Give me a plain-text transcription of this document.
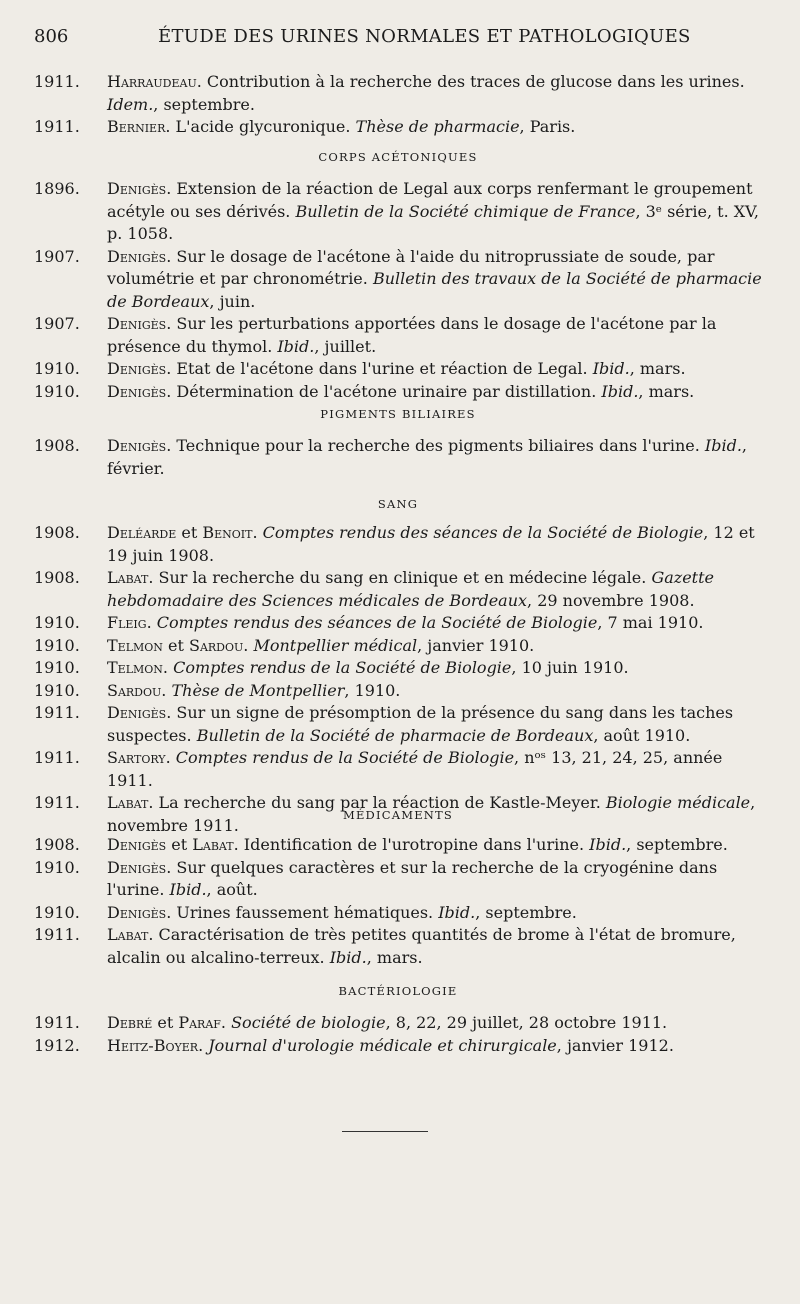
806	ÉTUDE DES URINES NORMALES ET PATHOLOGIQUES

1911. Harraudeau. Contribution à la recherche des traces de glucose dans les urines. Idem., septembre.

1911. Bernier. L'acide glycuronique. Thèse de pharmacie, Paris.

CORPS ACÉTONIQUES

1896. Denigès. Extension de la réaction de Legal aux corps renfermant le groupement acétyle ou ses dérivés. Bulletin de la Société chimique de France, 3ᵉ série, t. XV, p. 1058.

1907. Denigès. Sur le dosage de l'acétone à l'aide du nitroprussiate de soude, par volumétrie et par chronométrie. Bulletin des travaux de la Société de pharmacie de Bordeaux, juin.

1907. Denigès. Sur les perturbations apportées dans le dosage de l'acétone par la présence du thymol. Ibid., juillet.

1910. Denigès. Etat de l'acétone dans l'urine et réaction de Legal. Ibid., mars.

1910. Denigès. Détermination de l'acétone urinaire par distillation. Ibid., mars.

PIGMENTS BILIAIRES

1908. Denigès. Technique pour la recherche des pigments biliaires dans l'urine. Ibid., février.

SANG

1908. Deléarde et Benoit. Comptes rendus des séances de la Société de Biologie, 12 et 19 juin 1908.

1908. Labat. Sur la recherche du sang en clinique et en médecine légale. Gazette hebdomadaire des Sciences médicales de Bordeaux, 29 novembre 1908.

1910. Fleig. Comptes rendus des séances de la Société de Biologie, 7 mai 1910.

1910. Telmon et Sardou. Montpellier médical, janvier 1910.

1910. Telmon. Comptes rendus de la Société de Biologie, 10 juin 1910.

1910. Sardou. Thèse de Montpellier, 1910.

1911. Denigès. Sur un signe de présomption de la présence du sang dans les taches suspectes. Bulletin de la Société de pharmacie de Bordeaux, août 1910.

1911. Sartory. Comptes rendus de la Société de Biologie, nᵒˢ 13, 21, 24, 25, année 1911.

1911. Labat. La recherche du sang par la réaction de Kastle-Meyer. Biologie médicale, novembre 1911.

MÉDICAMENTS

1908. Denigès et Labat. Identification de l'urotropine dans l'urine. Ibid., septembre.

1910. Denigès. Sur quelques caractères et sur la recherche de la cryogénine dans l'urine. Ibid., août.

1910. Denigès. Urines faussement hématiques. Ibid., septembre.

1911. Labat. Caractérisation de très petites quantités de brome à l'état de bromure, alcalin ou alcalino-terreux. Ibid., mars.

BACTÉRIOLOGIE

1911. Debré et Paraf. Société de biologie, 8, 22, 29 juillet, 28 octobre 1911.

1912. Heitz-Boyer. Journal d'urologie médicale et chirurgicale, janvier 1912.
